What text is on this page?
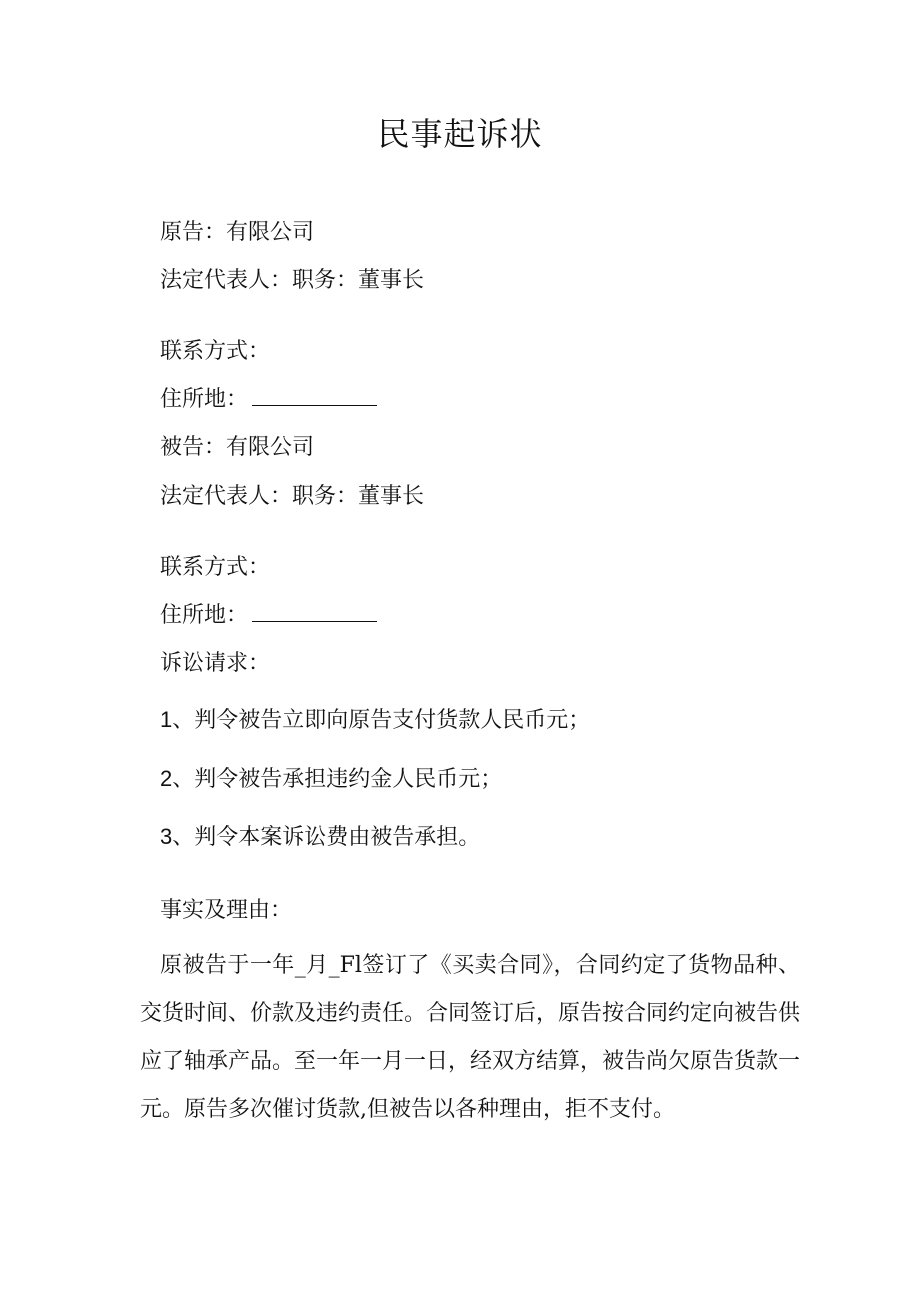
民事起诉状
原告：有限公司
法定代表人：职务：董事长
联系方式：
住所地：
被告：有限公司
法定代表人：职务：董事长
联系方式：
住所地：
诉讼请求：
1、判令被告立即向原告支付货款人民币元；
2、判令被告承担违约金人民币元；
3、判令本案诉讼费由被告承担。
事实及理由：
原被告于一年_月_Fl签订了《买卖合同》，合同约定了货物品种、交货时间、价款及违约责任。合同签订后，原告按合同约定向被告供应了轴承产品。至一年一月一日，经双方结算，被告尚欠原告货款一元。原告多次催讨货款,但被告以各种理由，拒不支付。
